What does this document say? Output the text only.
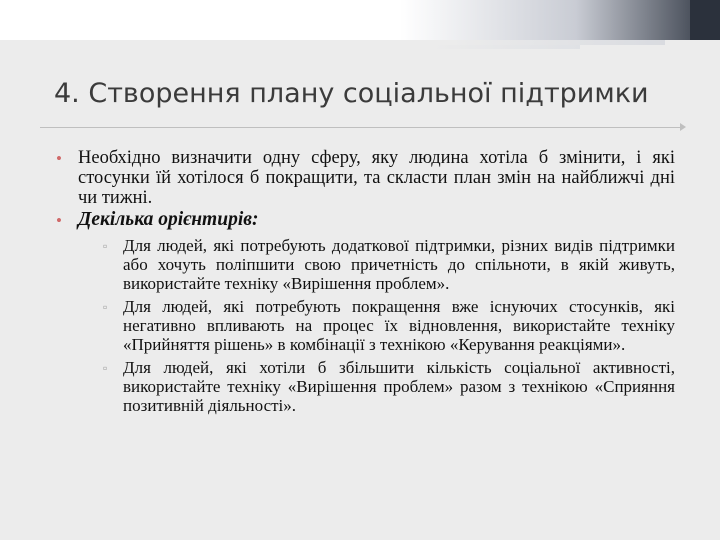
4. Створення плану соціальної підтримки
• Необхідно визначити одну сферу, яку людина хотіла б змінити, і які стосунки їй хотілося б покращити, та скласти план змін на найближчі дні чи тижні.
• Декілька орієнтирів:
▫ Для людей, які потребують додаткової підтримки, різних видів підтримки або хочуть поліпшити свою причетність до спільноти, в якій живуть, використайте техніку «Вирішення проблем».
▫ Для людей, які потребують покращення вже існуючих стосунків, які негативно впливають на процес їх відновлення, використайте техніку «Прийняття рішень» в комбінації з технікою «Керування реакціями».
▫ Для людей, які хотіли б збільшити кількість соціальної активності, використайте техніку «Вирішення проблем» разом з технікою «Сприяння позитивній діяльності».
